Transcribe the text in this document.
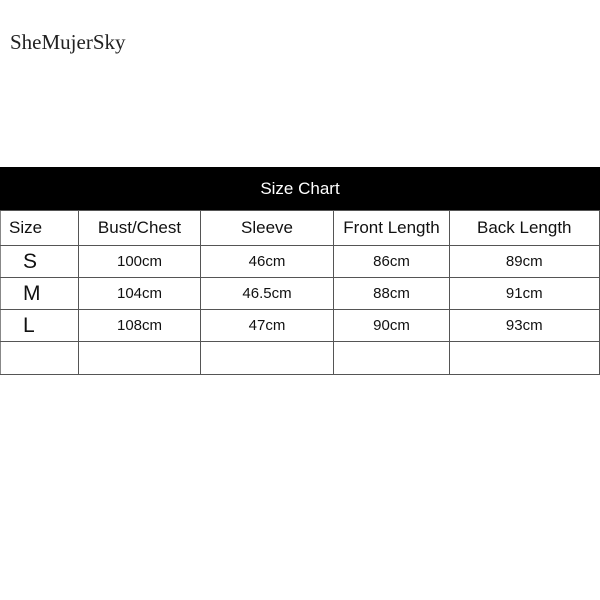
SheMujerSky
Size Chart
Size	Bust/Chest	Sleeve	Front Length	Back Length
S	100cm	46cm	86cm	89cm
M	104cm	46.5cm	88cm	91cm
L	108cm	47cm	90cm	93cm
